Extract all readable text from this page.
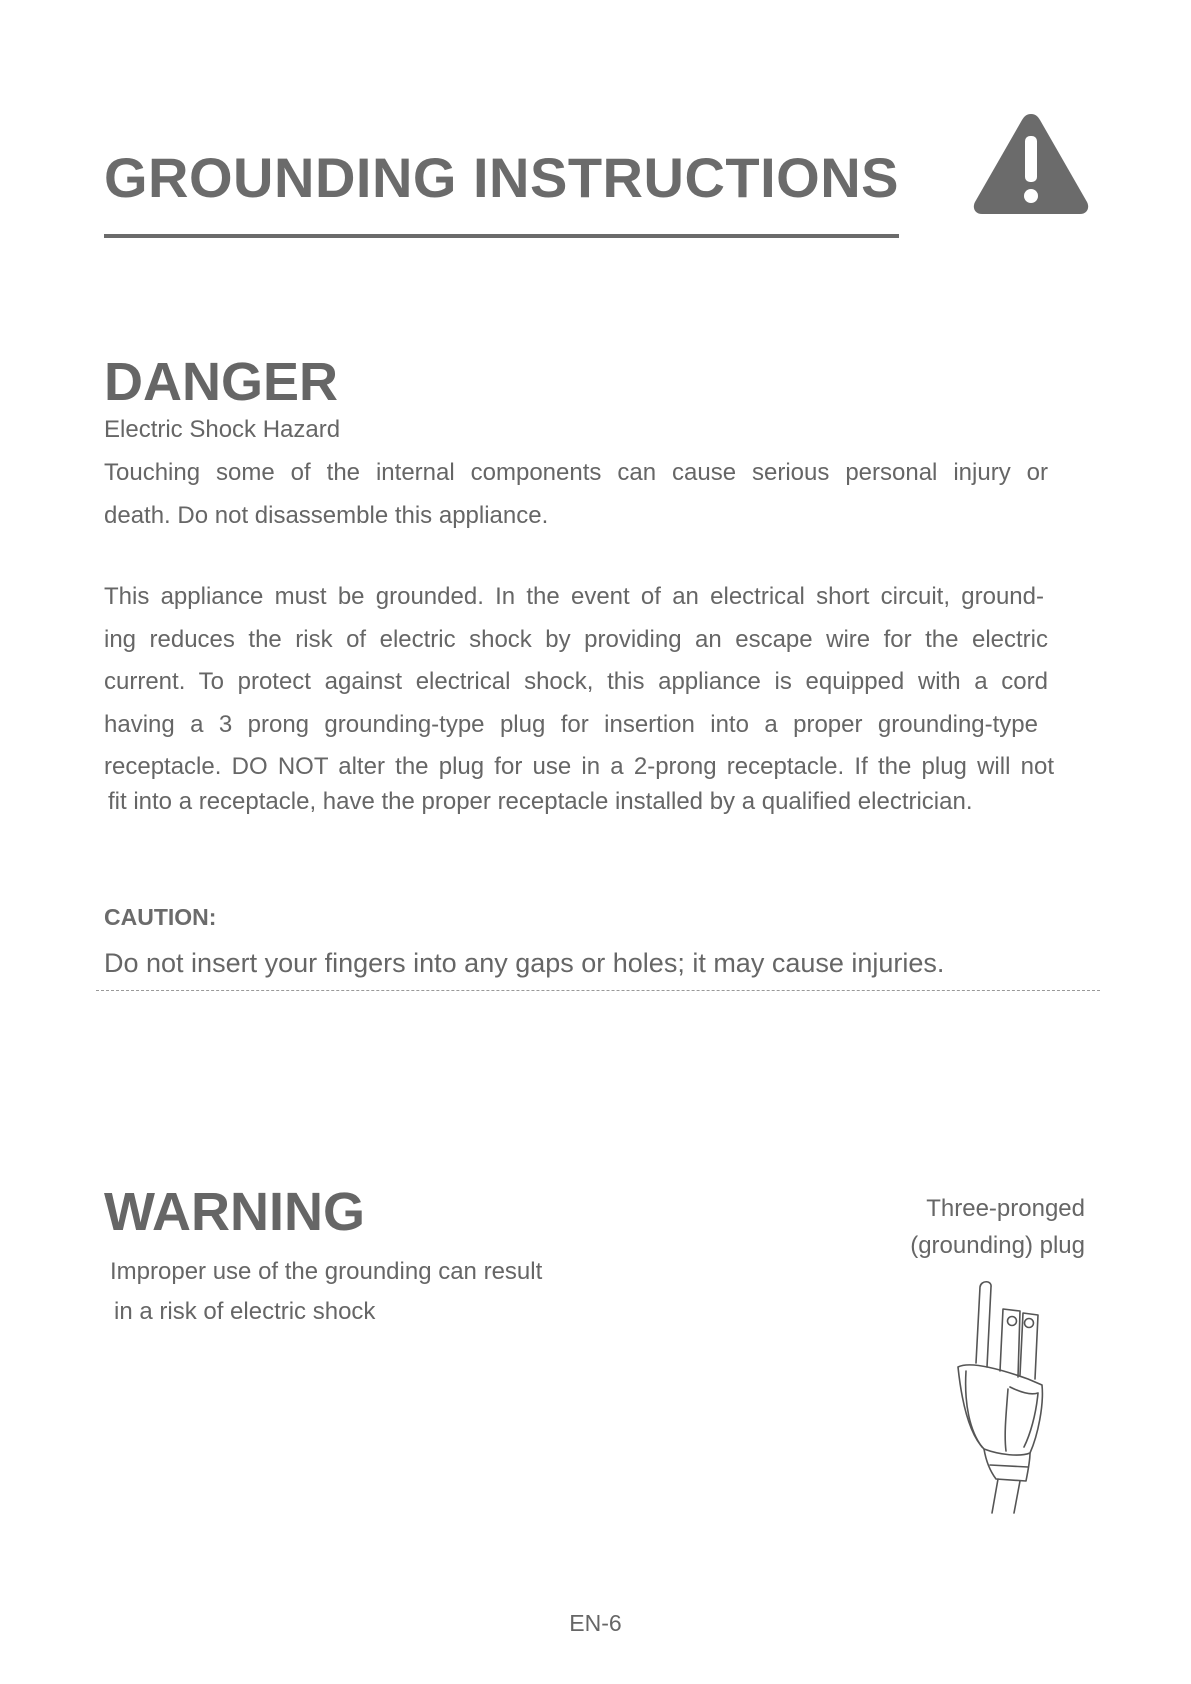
GROUNDING INSTRUCTIONS
DANGER
Electric Shock Hazard
Touching some of the internal components can cause serious personal injury or
death. Do not disassemble this appliance.
This appliance must be grounded. In the event of an electrical short circuit, ground-
ing reduces the risk of electric shock by providing an escape wire for the electric
current. To protect against electrical shock, this appliance is equipped with a cord
having a 3 prong grounding-type plug for insertion into a proper grounding-type
receptacle. DO NOT alter the plug for use in a 2-prong receptacle. If the plug will not
fit into a receptacle, have the proper receptacle installed by a qualified electrician.
CAUTION:
Do not insert your fingers into any gaps or holes; it may cause injuries.
WARNING
Improper use of the grounding can result
in a risk of electric shock
Three-pronged
(grounding) plug
EN-6
